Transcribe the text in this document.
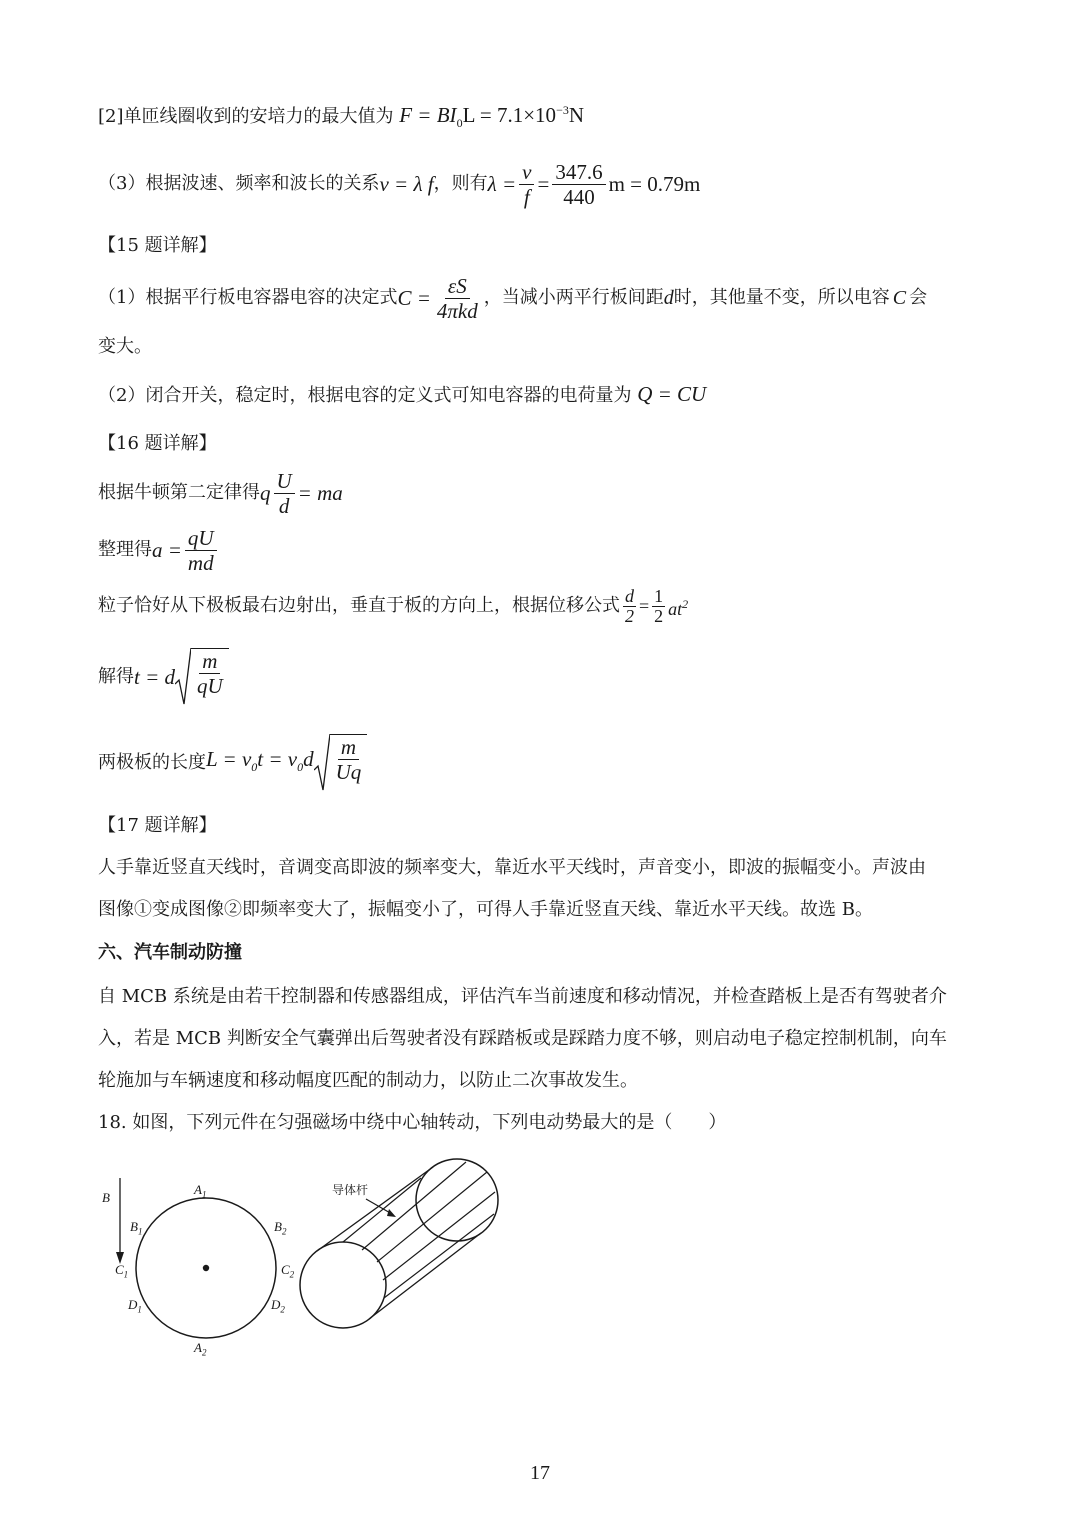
[2]单匝线圈收到的安培力的最大值为 $F = BI_0L = 7.1\times 10^{-3}N$
（3）根据波速、频率和波长的关系 v = λ f ，则有 $\lambda = \frac{v}{f} = \frac{347.6}{440}$ m = 0.79m
【15 题详解】
（1）根据平行板电容器电容的决定式 $C = \frac{\varepsilon S}{\text{4πkd}}$ ，当减小两平行板间距 d 时，其他量不变，所以电容 C 会
变大。
（2）闭合开关，稳定时，根据电容的定义式可知电容器的电荷量为 Q = CU
【16 题详解】
根据牛顿第二定律得 q $\frac{U}{d}$ = ma
整理得 $a = \frac{qU}{md}$
粒子恰好从下极板最右边射出，垂直于板的方向上，根据位移公式 $\frac{d}{2} = \frac{1}{2} at^2$
解得 t = d $\frac{m}{qU}$
两极板的长度 $L = v_0t = v_0d \frac{m}{Uq}$
【17 题详解】
人手靠近竖直天线时，音调变高即波的频率变大，靠近水平天线时，声音变小，即波的振幅变小。声波由
图像①变成图像②即频率变大了，振幅变小了，可得人手靠近竖直天线、靠近水平天线。故选 B。
六、汽车制动防撞
自 MCB 系统是由若干控制器和传感器组成，评估汽车当前速度和移动情况，并检查踏板上是否有驾驶者介
入，若是 MCB 判断安全气囊弹出后驾驶者没有踩踏板或是踩踏力度不够，则启动电子稳定控制机制，向车
轮施加与车辆速度和移动幅度匹配的制动力，以防止二次事故发生。
18. 如图，下列元件在匀强磁场中绕中心轴转动，下列电动势最大的是（　　）
B
$A_1$
$A_2$
$B_1$	$B_2$
$C_1$	$C_2$
$D_1$	$D_2$
导体杆
17
